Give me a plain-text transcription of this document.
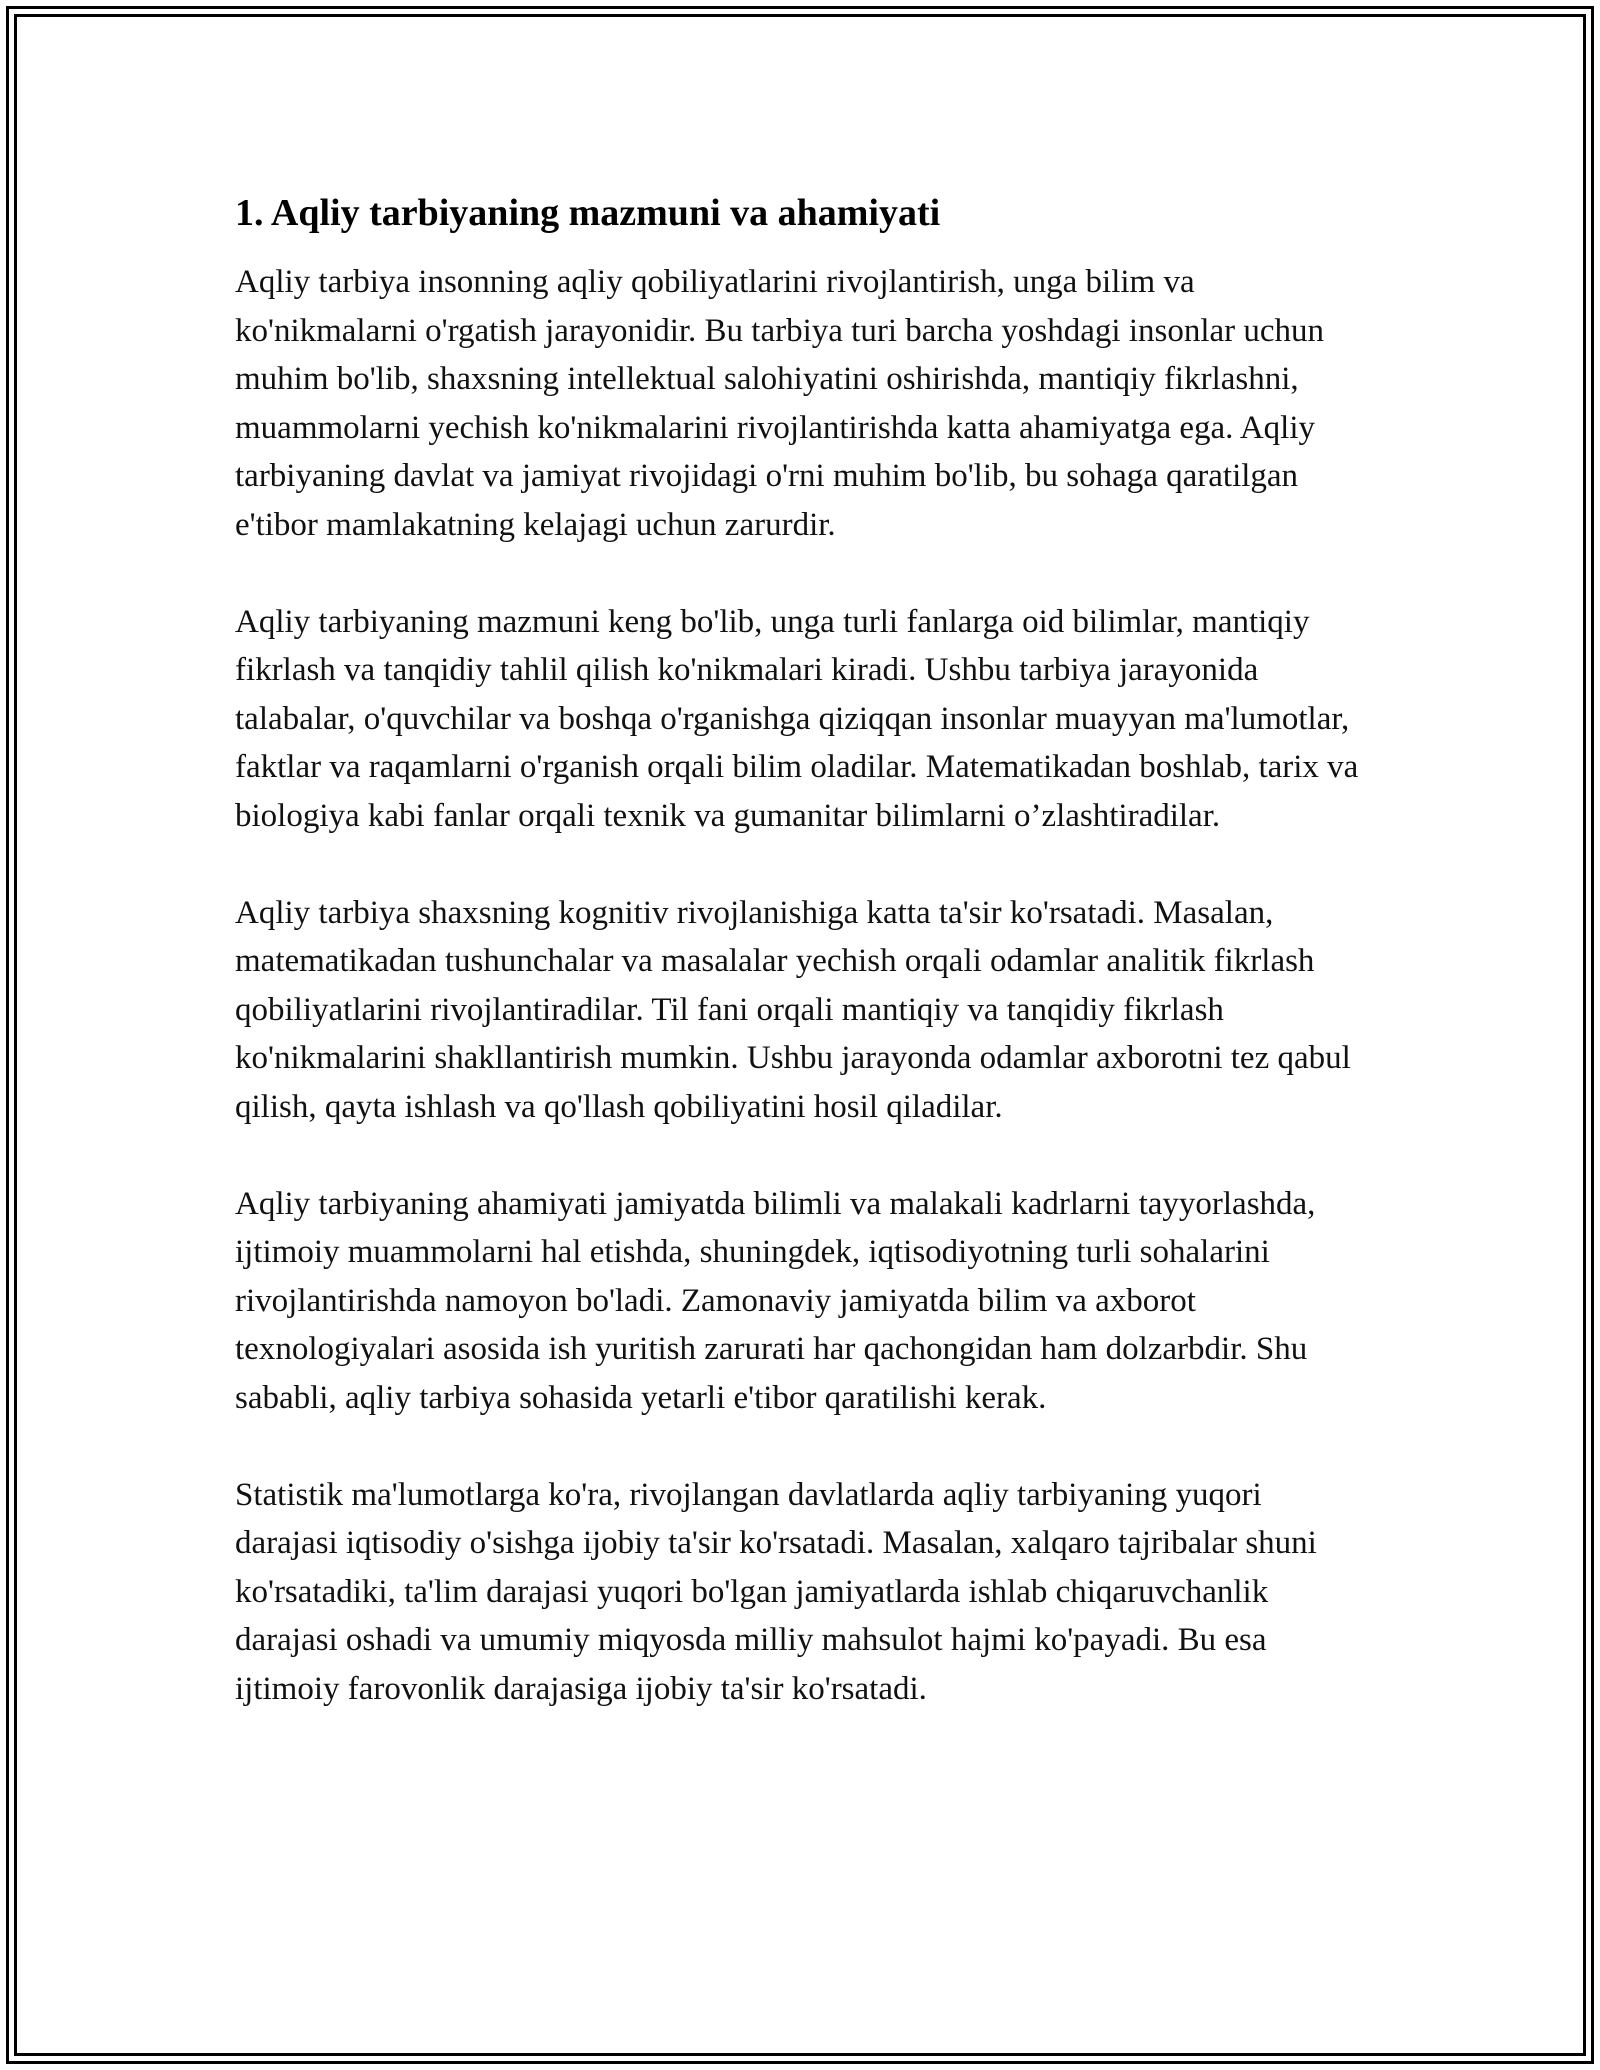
1. Aqliy tarbiyaning mazmuni va ahamiyati

Aqliy tarbiya insonning aqliy qobiliyatlarini rivojlantirish, unga bilim va ko'nikmalarni o'rgatish jarayonidir. Bu tarbiya turi barcha yoshdagi insonlar uchun muhim bo'lib, shaxsning intellektual salohiyatini oshirishda, mantiqiy fikrlashni, muammolarni yechish ko'nikmalarini rivojlantirishda katta ahamiyatga ega. Aqliy tarbiyaning davlat va jamiyat rivojidagi o'rni muhim bo'lib, bu sohaga qaratilgan e'tibor mamlakatning kelajagi uchun zarurdir.

Aqliy tarbiyaning mazmuni keng bo'lib, unga turli fanlarga oid bilimlar, mantiqiy fikrlash va tanqidiy tahlil qilish ko'nikmalari kiradi. Ushbu tarbiya jarayonida talabalar, o'quvchilar va boshqa o'rganishga qiziqqan insonlar muayyan ma'lumotlar, faktlar va raqamlarni o'rganish orqali bilim oladilar. Matematikadan boshlab, tarix va biologiya kabi fanlar orqali texnik va gumanitar bilimlarni o’zlashtiradilar.

Aqliy tarbiya shaxsning kognitiv rivojlanishiga katta ta'sir ko'rsatadi. Masalan, matematikadan tushunchalar va masalalar yechish orqali odamlar analitik fikrlash qobiliyatlarini rivojlantiradilar. Til fani orqali mantiqiy va tanqidiy fikrlash ko'nikmalarini shakllantirish mumkin. Ushbu jarayonda odamlar axborotni tez qabul qilish, qayta ishlash va qo'llash qobiliyatini hosil qiladilar.

Aqliy tarbiyaning ahamiyati jamiyatda bilimli va malakali kadrlarni tayyorlashda, ijtimoiy muammolarni hal etishda, shuningdek, iqtisodiyotning turli sohalarini rivojlantirishda namoyon bo'ladi. Zamonaviy jamiyatda bilim va axborot texnologiyalari asosida ish yuritish zarurati har qachongidan ham dolzarbdir. Shu sababli, aqliy tarbiya sohasida yetarli e'tibor qaratilishi kerak.

Statistik ma'lumotlarga ko'ra, rivojlangan davlatlarda aqliy tarbiyaning yuqori darajasi iqtisodiy o'sishga ijobiy ta'sir ko'rsatadi. Masalan, xalqaro tajribalar shuni ko'rsatadiki, ta'lim darajasi yuqori bo'lgan jamiyatlarda ishlab chiqaruvchanlik darajasi oshadi va umumiy miqyosda milliy mahsulot hajmi ko'payadi. Bu esa ijtimoiy farovonlik darajasiga ijobiy ta'sir ko'rsatadi.
